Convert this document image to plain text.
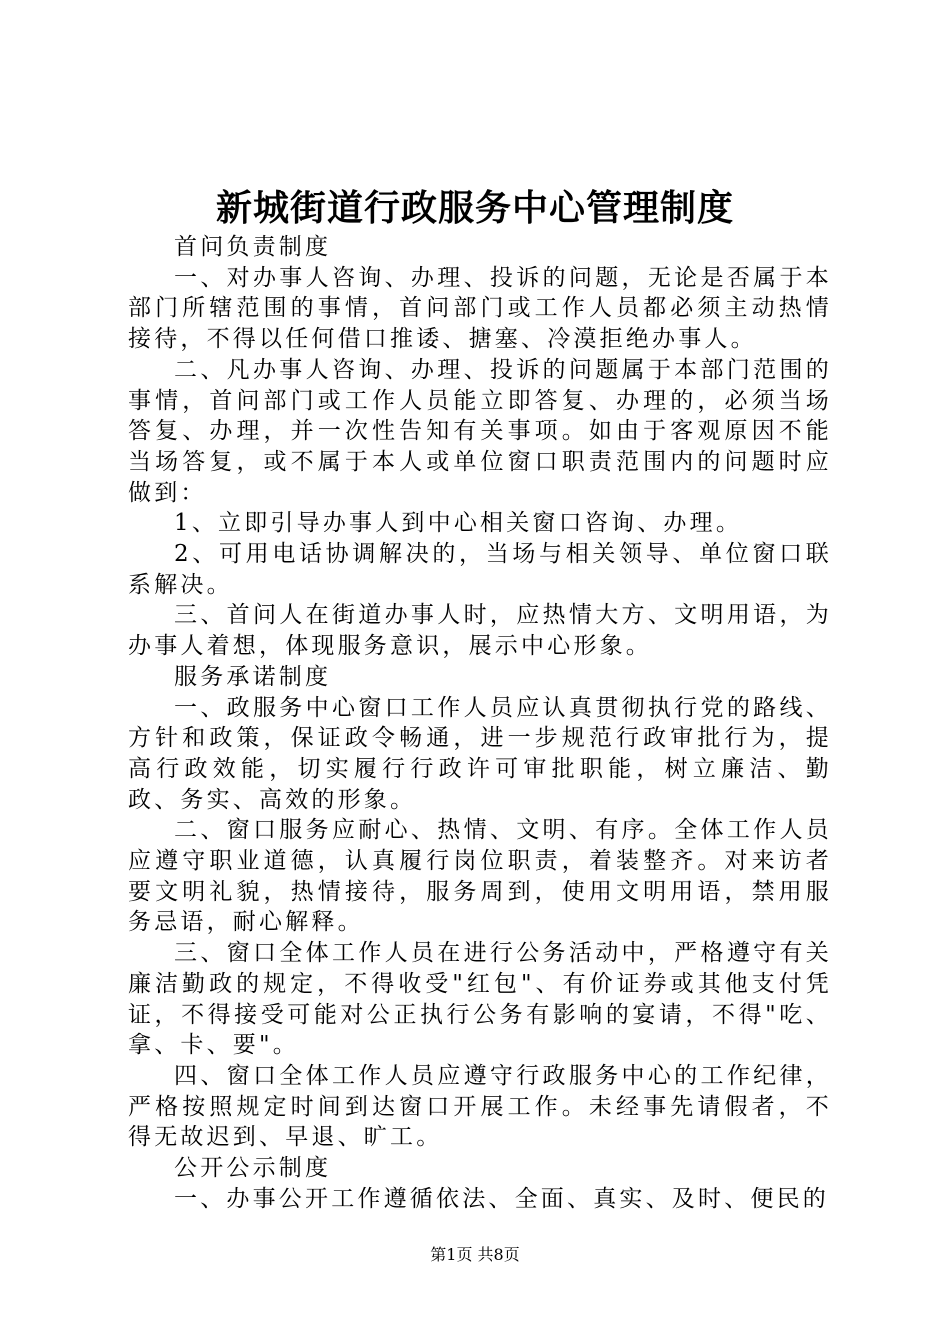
新城街道行政服务中心管理制度

首问负责制度

一、对办事人咨询、办理、投诉的问题，无论是否属于本部门所辖范围的事情，首问部门或工作人员都必须主动热情接待，不得以任何借口推诿、搪塞、冷漠拒绝办事人。

二、凡办事人咨询、办理、投诉的问题属于本部门范围的事情，首问部门或工作人员能立即答复、办理的，必须当场答复、办理，并一次性告知有关事项。如由于客观原因不能当场答复，或不属于本人或单位窗口职责范围内的问题时应做到：

1、立即引导办事人到中心相关窗口咨询、办理。

2、可用电话协调解决的，当场与相关领导、单位窗口联系解决。

三、首问人在街道办事人时，应热情大方、文明用语，为办事人着想，体现服务意识，展示中心形象。

服务承诺制度

一、政服务中心窗口工作人员应认真贯彻执行党的路线、方针和政策，保证政令畅通，进一步规范行政审批行为，提高行政效能，切实履行行政许可审批职能，树立廉洁、勤政、务实、高效的形象。

二、窗口服务应耐心、热情、文明、有序。全体工作人员应遵守职业道德，认真履行岗位职责，着装整齐。对来访者要文明礼貌，热情接待，服务周到，使用文明用语，禁用服务忌语，耐心解释。

三、窗口全体工作人员在进行公务活动中，严格遵守有关廉洁勤政的规定，不得收受"红包"、有价证券或其他支付凭证，不得接受可能对公正执行公务有影响的宴请，不得"吃、拿、卡、要"。

四、窗口全体工作人员应遵守行政服务中心的工作纪律，严格按照规定时间到达窗口开展工作。未经事先请假者，不得无故迟到、早退、旷工。

公开公示制度

一、办事公开工作遵循依法、全面、真实、及时、便民的

第1页 共8页
